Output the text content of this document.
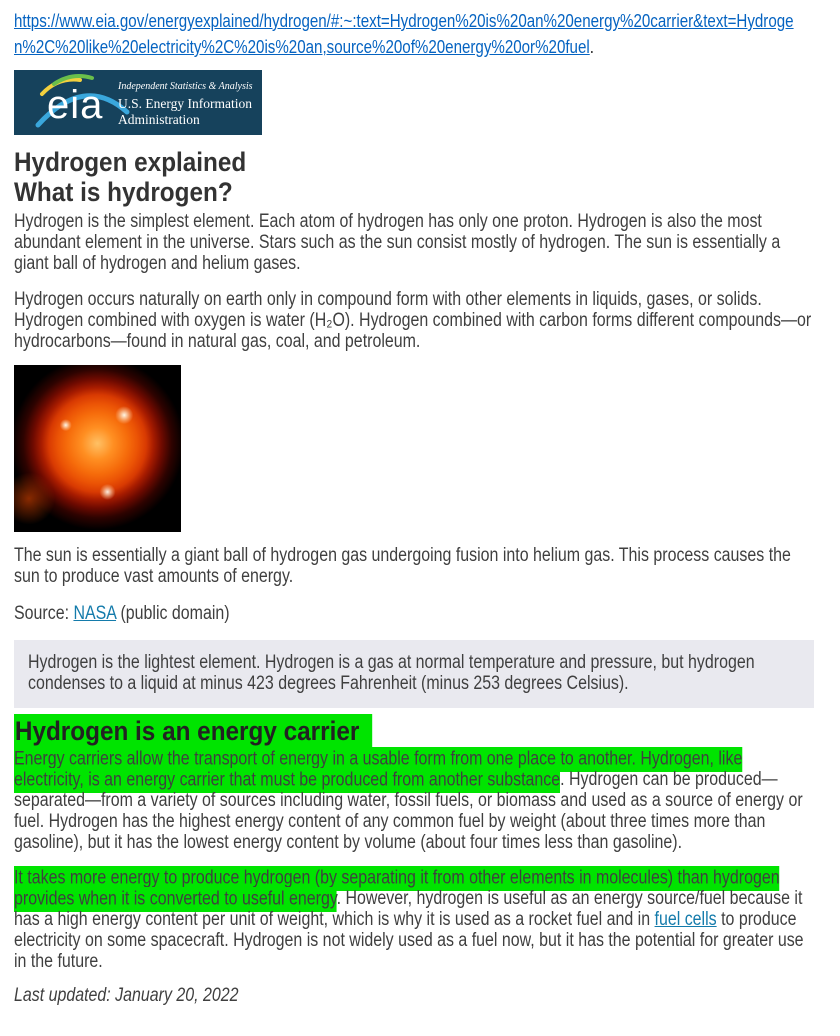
https://www.eia.gov/energyexplained/hydrogen/#:~:text=Hydrogen%20is%20an%20energy%20carrier&text=Hydrogen%2C%20like%20electricity%2C%20is%20an,source%20of%20energy%20or%20fuel.

eia Independent Statistics & Analysis
U.S. Energy Information Administration
Hydrogen explained
What is hydrogen?

Hydrogen is the simplest element. Each atom of hydrogen has only one proton. Hydrogen is also the most abundant element in the universe. Stars such as the sun consist mostly of hydrogen. The sun is essentially a giant ball of hydrogen and helium gases.

Hydrogen occurs naturally on earth only in compound form with other elements in liquids, gases, or solids. Hydrogen combined with oxygen is water (H₂O). Hydrogen combined with carbon forms different compounds—or hydrocarbons—found in natural gas, coal, and petroleum.

The sun is essentially a giant ball of hydrogen gas undergoing fusion into helium gas. This process causes the sun to produce vast amounts of energy.

Source: NASA (public domain)

Hydrogen is the lightest element. Hydrogen is a gas at normal temperature and pressure, but hydrogen condenses to a liquid at minus 423 degrees Fahrenheit (minus 253 degrees Celsius).

Hydrogen is an energy carrier

Energy carriers allow the transport of energy in a usable form from one place to another. Hydrogen, like electricity, is an energy carrier that must be produced from another substance. Hydrogen can be produced—separated—from a variety of sources including water, fossil fuels, or biomass and used as a source of energy or fuel. Hydrogen has the highest energy content of any common fuel by weight (about three times more than gasoline), but it has the lowest energy content by volume (about four times less than gasoline).

It takes more energy to produce hydrogen (by separating it from other elements in molecules) than hydrogen provides when it is converted to useful energy. However, hydrogen is useful as an energy source/fuel because it has a high energy content per unit of weight, which is why it is used as a rocket fuel and in fuel cells to produce electricity on some spacecraft. Hydrogen is not widely used as a fuel now, but it has the potential for greater use in the future.

Last updated: January 20, 2022
